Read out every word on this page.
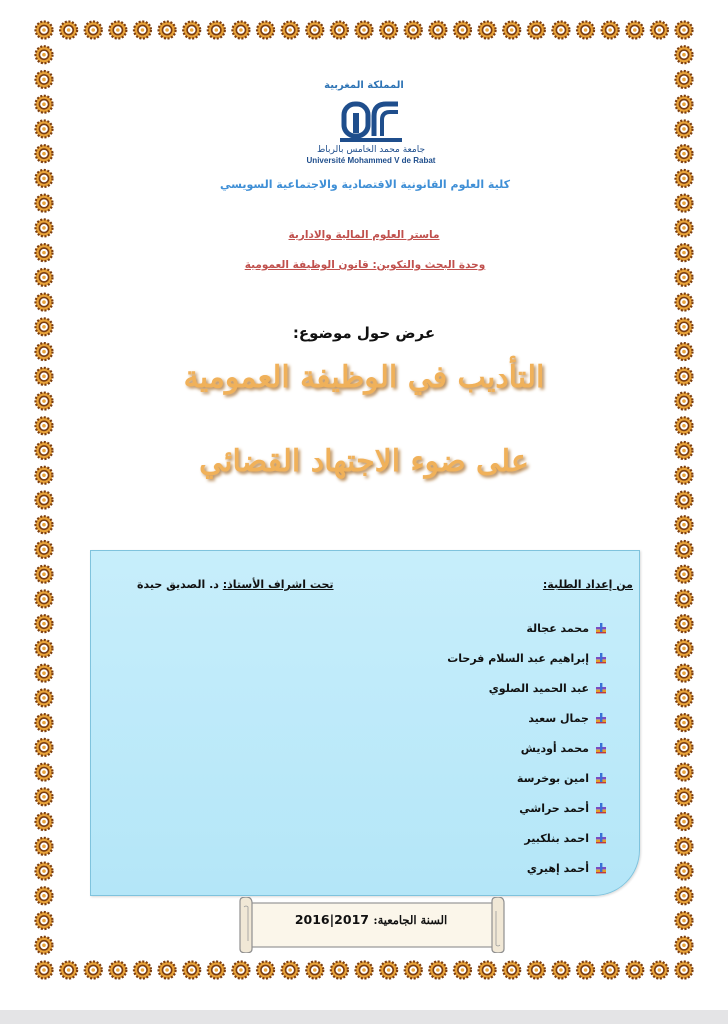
المملكة المغربية
جامعة محمد الخامس بالرباط
Université Mohammed V de Rabat
كلية العلوم القانونية الاقتصادية والاجتماعية السويسي
ماستر العلوم المالية والادارية
وحدة البحث والتكوين: قانون الوظيفة العمومية
عرض حول موضوع:
التأديب في الوظيفة العمومية
على ضوء الاجتهاد القضائي
من إعداد الطلبة:
تحت اشراف الأستاذ: د. الصديق حيدة
محمد عجالة
إبراهيم عبد السلام فرحات
عبد الحميد الصلوي
جمال سعيد
محمد أوديش
امين بوخرسة
أحمد حراشي
احمد بنلكبير
أحمد إهيري
السنة الجامعية: 2016|2017
